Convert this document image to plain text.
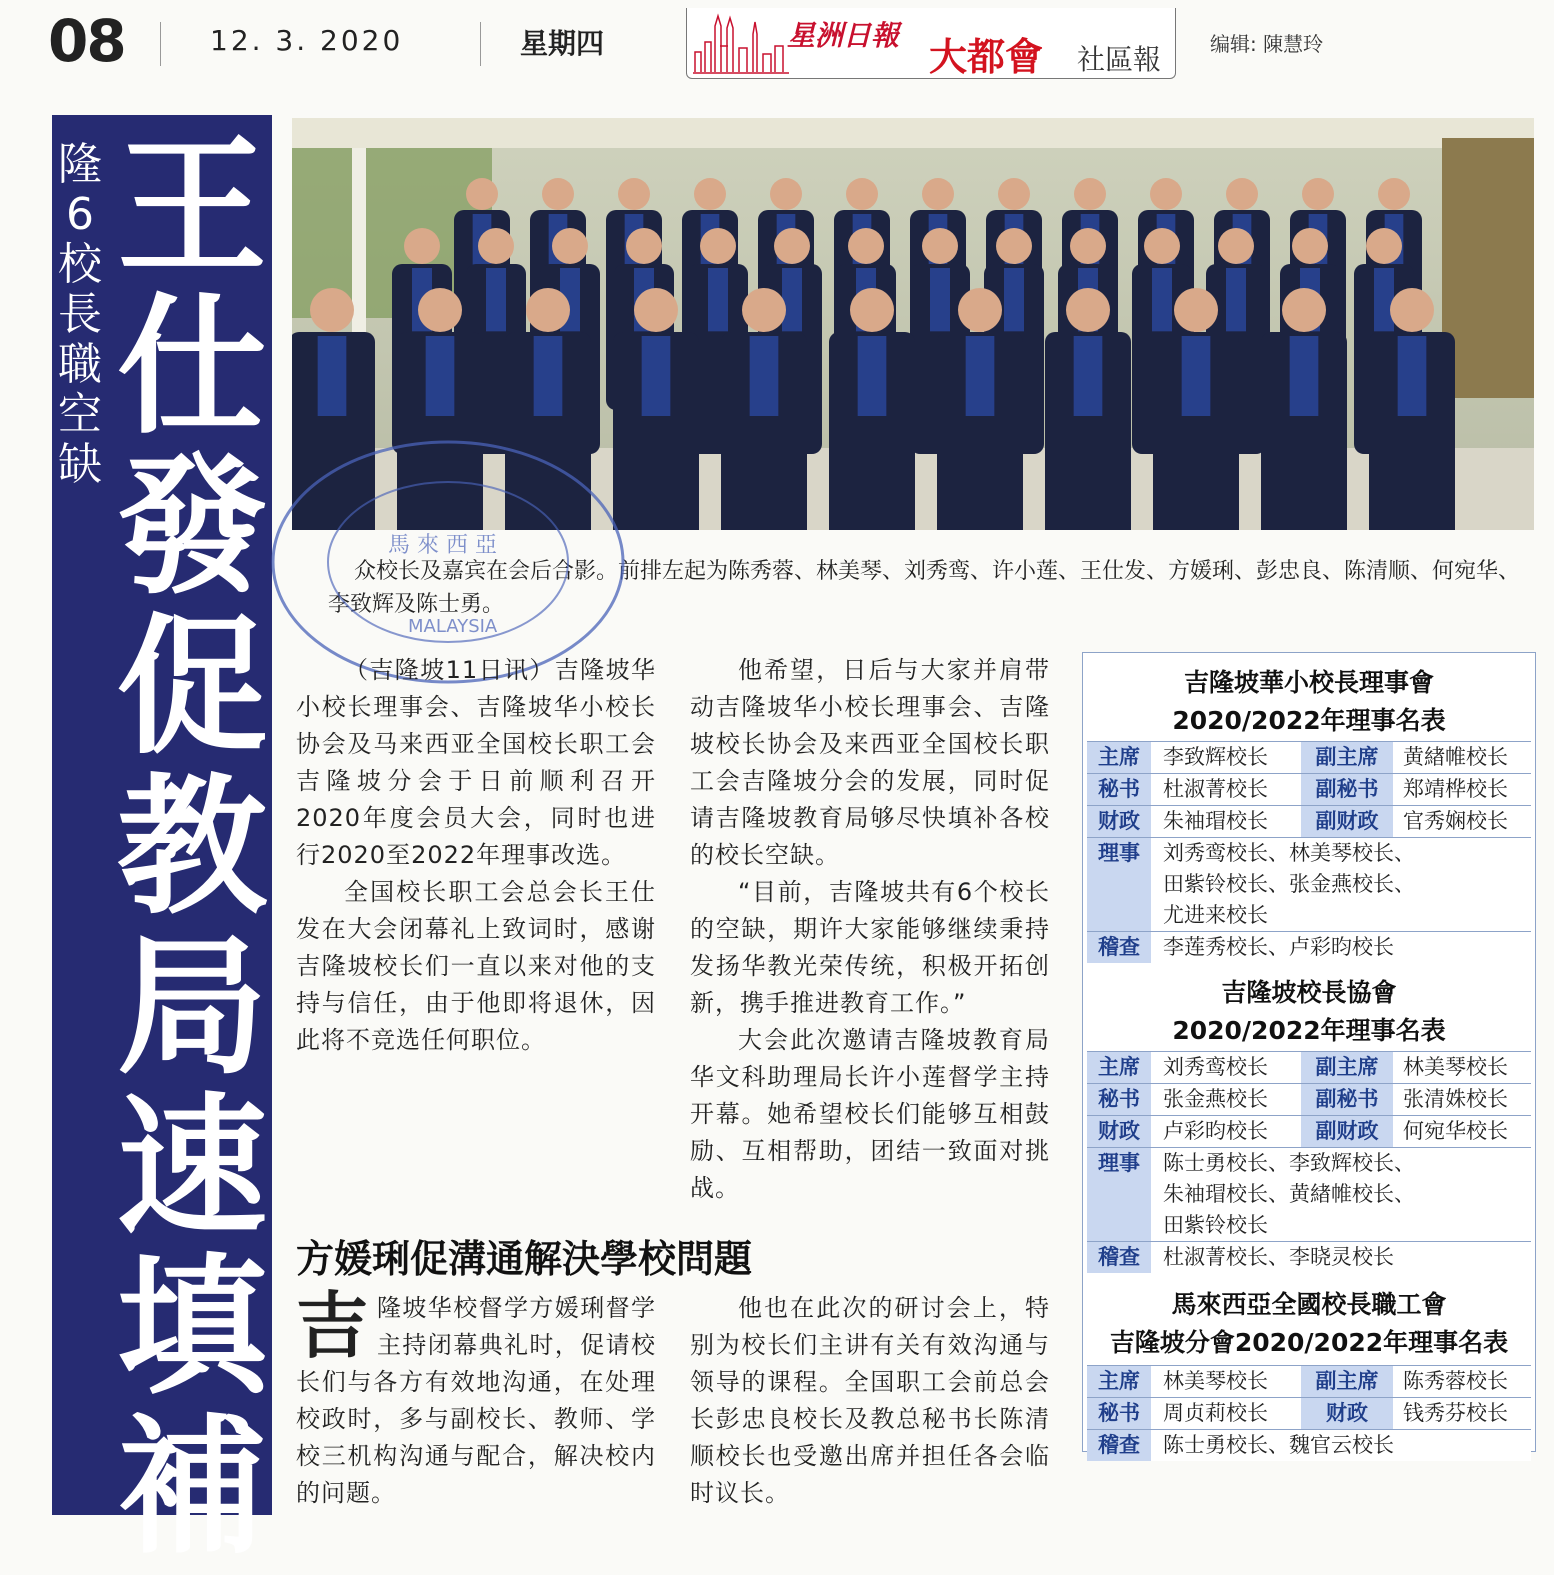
08	12. 3. 2020	星期四	星洲日報 大都會 社區報 编辑: 陳慧玲
隆6校長職空缺
王仕發促教局速填補
众校长及嘉宾在会后合影。前排左起为陈秀蓉、林美琴、刘秀鸾、许小莲、王仕发、方媛琍、彭忠良、陈清顺、何宛华、李致辉及陈士勇。
馬 來 西 亞
MALAYSIA

（吉隆坡11日讯）吉隆坡华小校长理事会、吉隆坡华小校长协会及马来西亚全国校长职工会吉隆坡分会于日前顺利召开2020年度会员大会，同时也进行2020至2022年理事改选。

全国校长职工会总会长王仕发在大会闭幕礼上致词时，感谢吉隆坡校长们一直以来对他的支持与信任，由于他即将退休，因此将不竞选任何职位。

他希望，日后与大家并肩带动吉隆坡华小校长理事会、吉隆坡校长协会及来西亚全国校长职工会吉隆坡分会的发展，同时促请吉隆坡教育局够尽快填补各校的校长空缺。

“目前，吉隆坡共有6个校长的空缺，期许大家能够继续秉持发扬华教光荣传统，积极开拓创新，携手推进教育工作。”

大会此次邀请吉隆坡教育局华文科助理局长许小莲督学主持开幕。她希望校长们能够互相鼓励、互相帮助，团结一致面对挑战。

方媛琍促溝通解決學校問題
吉 隆坡华校督学方媛琍督学主持闭幕典礼时，促请校长们与各方有效地沟通，在处理校政时，多与副校长、教师、学校三机构沟通与配合，解决校内的问题。

他也在此次的研讨会上，特别为校长们主讲有关有效沟通与领导的课程。全国职工会前总会长彭忠良校长及教总秘书长陈清顺校长也受邀出席并担任各会临时议长。

吉隆坡華小校長理事會
2020/2022年理事名表
主席	李致辉校长	副主席	黄緖帷校长
秘书	杜淑菁校长	副秘书	郑靖桦校长
财政	朱袖瑁校长	副财政	官秀娴校长
理事	刘秀鸾校长、林美琴校长、
田紫铃校长、张金燕校长、
尤进来校长
稽查	李莲秀校长、卢彩昀校长
吉隆坡校長協會
2020/2022年理事名表
主席	刘秀鸾校长	副主席	林美琴校长
秘书	张金燕校长	副秘书	张清姝校长
财政	卢彩昀校长	副财政	何宛华校长
理事	陈士勇校长、李致辉校长、
朱袖瑁校长、黄緖帷校长、
田紫铃校长
稽查	杜淑菁校长、李晓灵校长
馬來西亞全國校長職工會
吉隆坡分會2020/2022年理事名表
主席	林美琴校长	副主席	陈秀蓉校长
秘书	周贞莉校长	财政	钱秀芬校长
稽查	陈士勇校长、魏官云校长
